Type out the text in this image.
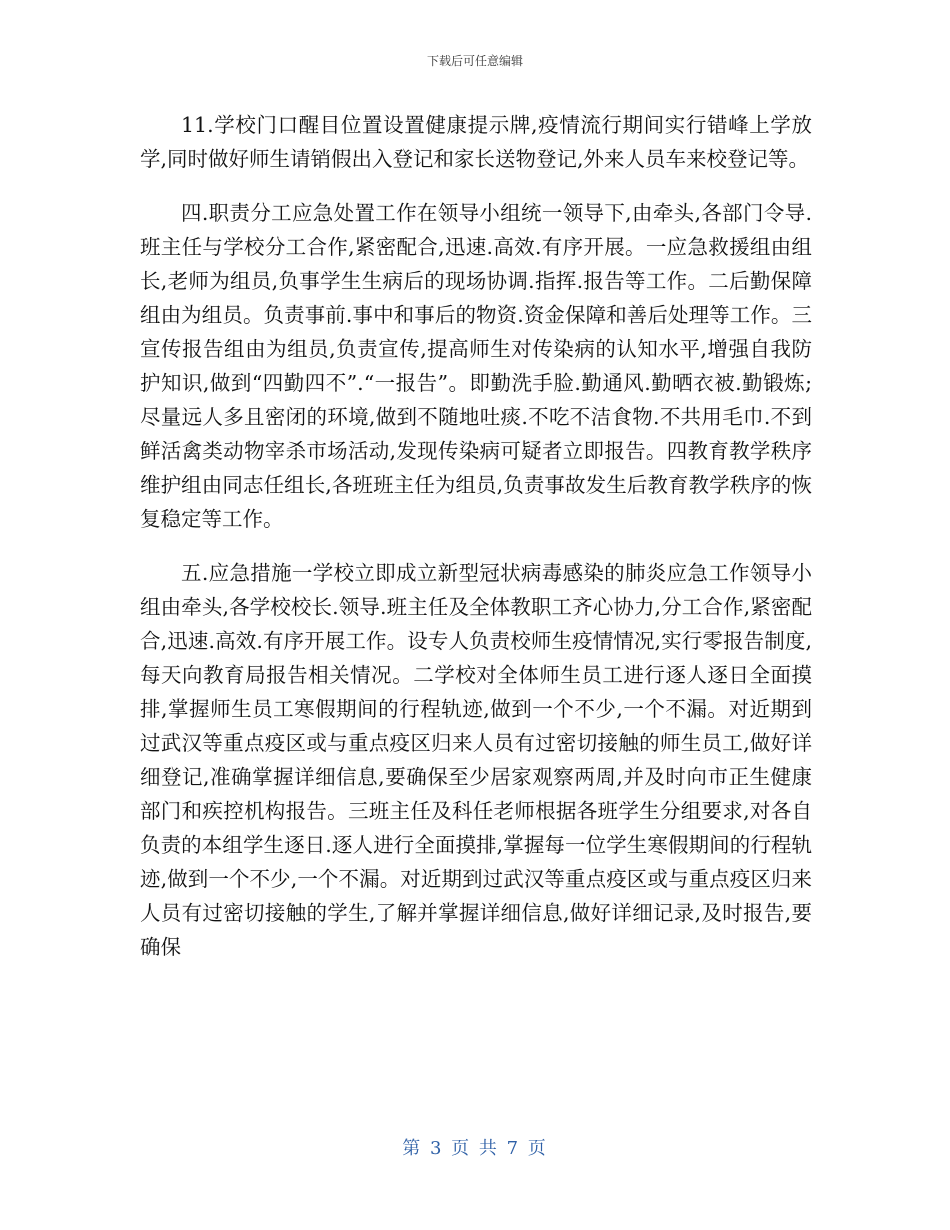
下载后可任意编辑

11.学校门口醒目位置设置健康提示牌,疫情流行期间实行错峰上学放学,同时做好师生请销假出入登记和家长送物登记,外来人员车来校登记等。

四.职责分工应急处置工作在领导小组统一领导下,由牵头,各部门令导.班主任与学校分工合作,紧密配合,迅速.高效.有序开展。一应急救援组由组长,老师为组员,负事学生生病后的现场协调.指挥.报告等工作。二后勤保障组由为组员。负责事前.事中和事后的物资.资金保障和善后处理等工作。三宣传报告组由为组员,负责宣传,提高师生对传染病的认知水平,增强自我防护知识,做到“四勤四不”.“一报告”。即勤洗手脸.勤通风.勤晒衣被.勤锻炼;尽量远人多且密闭的环境,做到不随地吐痰.不吃不洁食物.不共用毛巾.不到鲜活禽类动物宰杀市场活动,发现传染病可疑者立即报告。四教育教学秩序维护组由同志任组长,各班班主任为组员,负责事故发生后教育教学秩序的恢复稳定等工作。

五.应急措施一学校立即成立新型冠状病毒感染的肺炎应急工作领导小组由牵头,各学校校长.领导.班主任及全体教职工齐心协力,分工合作,紧密配合,迅速.高效.有序开展工作。设专人负责校师生疫情情况,实行零报告制度,每天向教育局报告相关情况。二学校对全体师生员工进行逐人逐日全面摸排,掌握师生员工寒假期间的行程轨迹,做到一个不少,一个不漏。对近期到过武汉等重点疫区或与重点疫区归来人员有过密切接触的师生员工,做好详细登记,准确掌握详细信息,要确保至少居家观察两周,并及时向市正生健康部门和疾控机构报告。三班主任及科任老师根据各班学生分组要求,对各自负责的本组学生逐日.逐人进行全面摸排,掌握每一位学生寒假期间的行程轨迹,做到一个不少,一个不漏。对近期到过武汉等重点疫区或与重点疫区归来人员有过密切接触的学生,了解并掌握详细信息,做好详细记录,及时报告,要确保

第 3 页 共 7 页
